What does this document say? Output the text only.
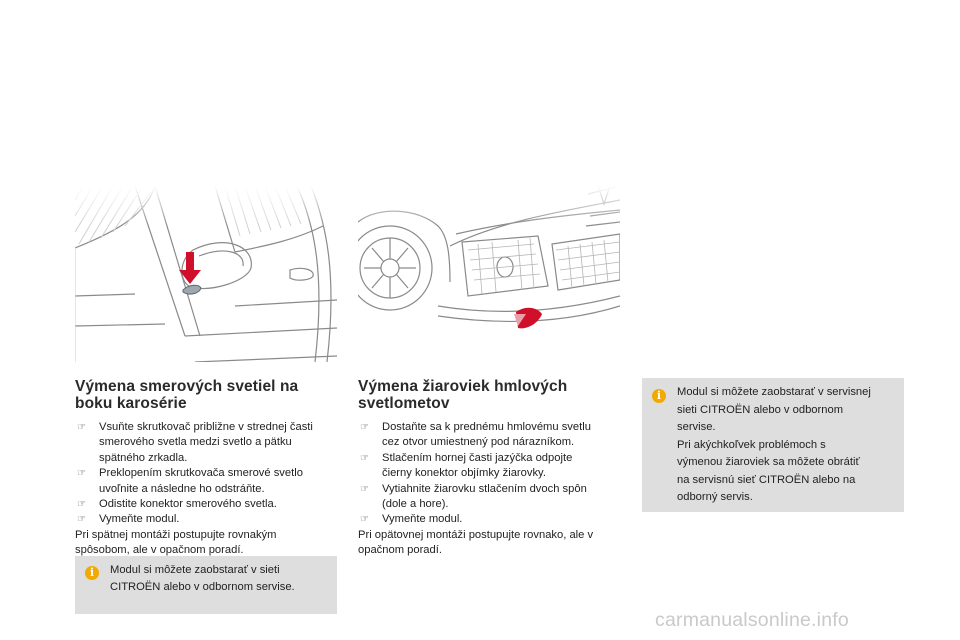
Výmena smerových svetiel na
boku karosérie
☞ Vsuňte skrutkovač približne v strednej časti
smerového svetla medzi svetlo a pätku
spätného zrkadla.
☞ Preklopením skrutkovača smerové svetlo
uvoľnite a následne ho odstráňte.
☞ Odistite konektor smerového svetla.
☞ Vymeňte modul.

Pri spätnej montáži postupujte rovnakým
spôsobom, ale v opačnom poradí.

i	Modul si môžete zaobstarať v sieti
CITROËN alebo v odbornom servise.

Výmena žiaroviek hmlových
svetlometov
☞ Dostaňte sa k prednému hmlovému svetlu
cez otvor umiestnený pod nárazníkom.
☞ Stlačením hornej časti jazýčka odpojte
čierny konektor objímky žiarovky.
☞ Vytiahnite žiarovku stlačením dvoch spôn
(dole a hore).
☞ Vymeňte modul.

Pri opätovnej montáži postupujte rovnako, ale v
opačnom poradí.

i	Modul si môžete zaobstarať v servisnej
sieti CITROËN alebo v odbornom
servise.
Pri akýchkoľvek problémoch s
výmenou žiaroviek sa môžete obrátiť
na servisnú sieť CITROËN alebo na
odborný servis.

carmanualsonline.info
